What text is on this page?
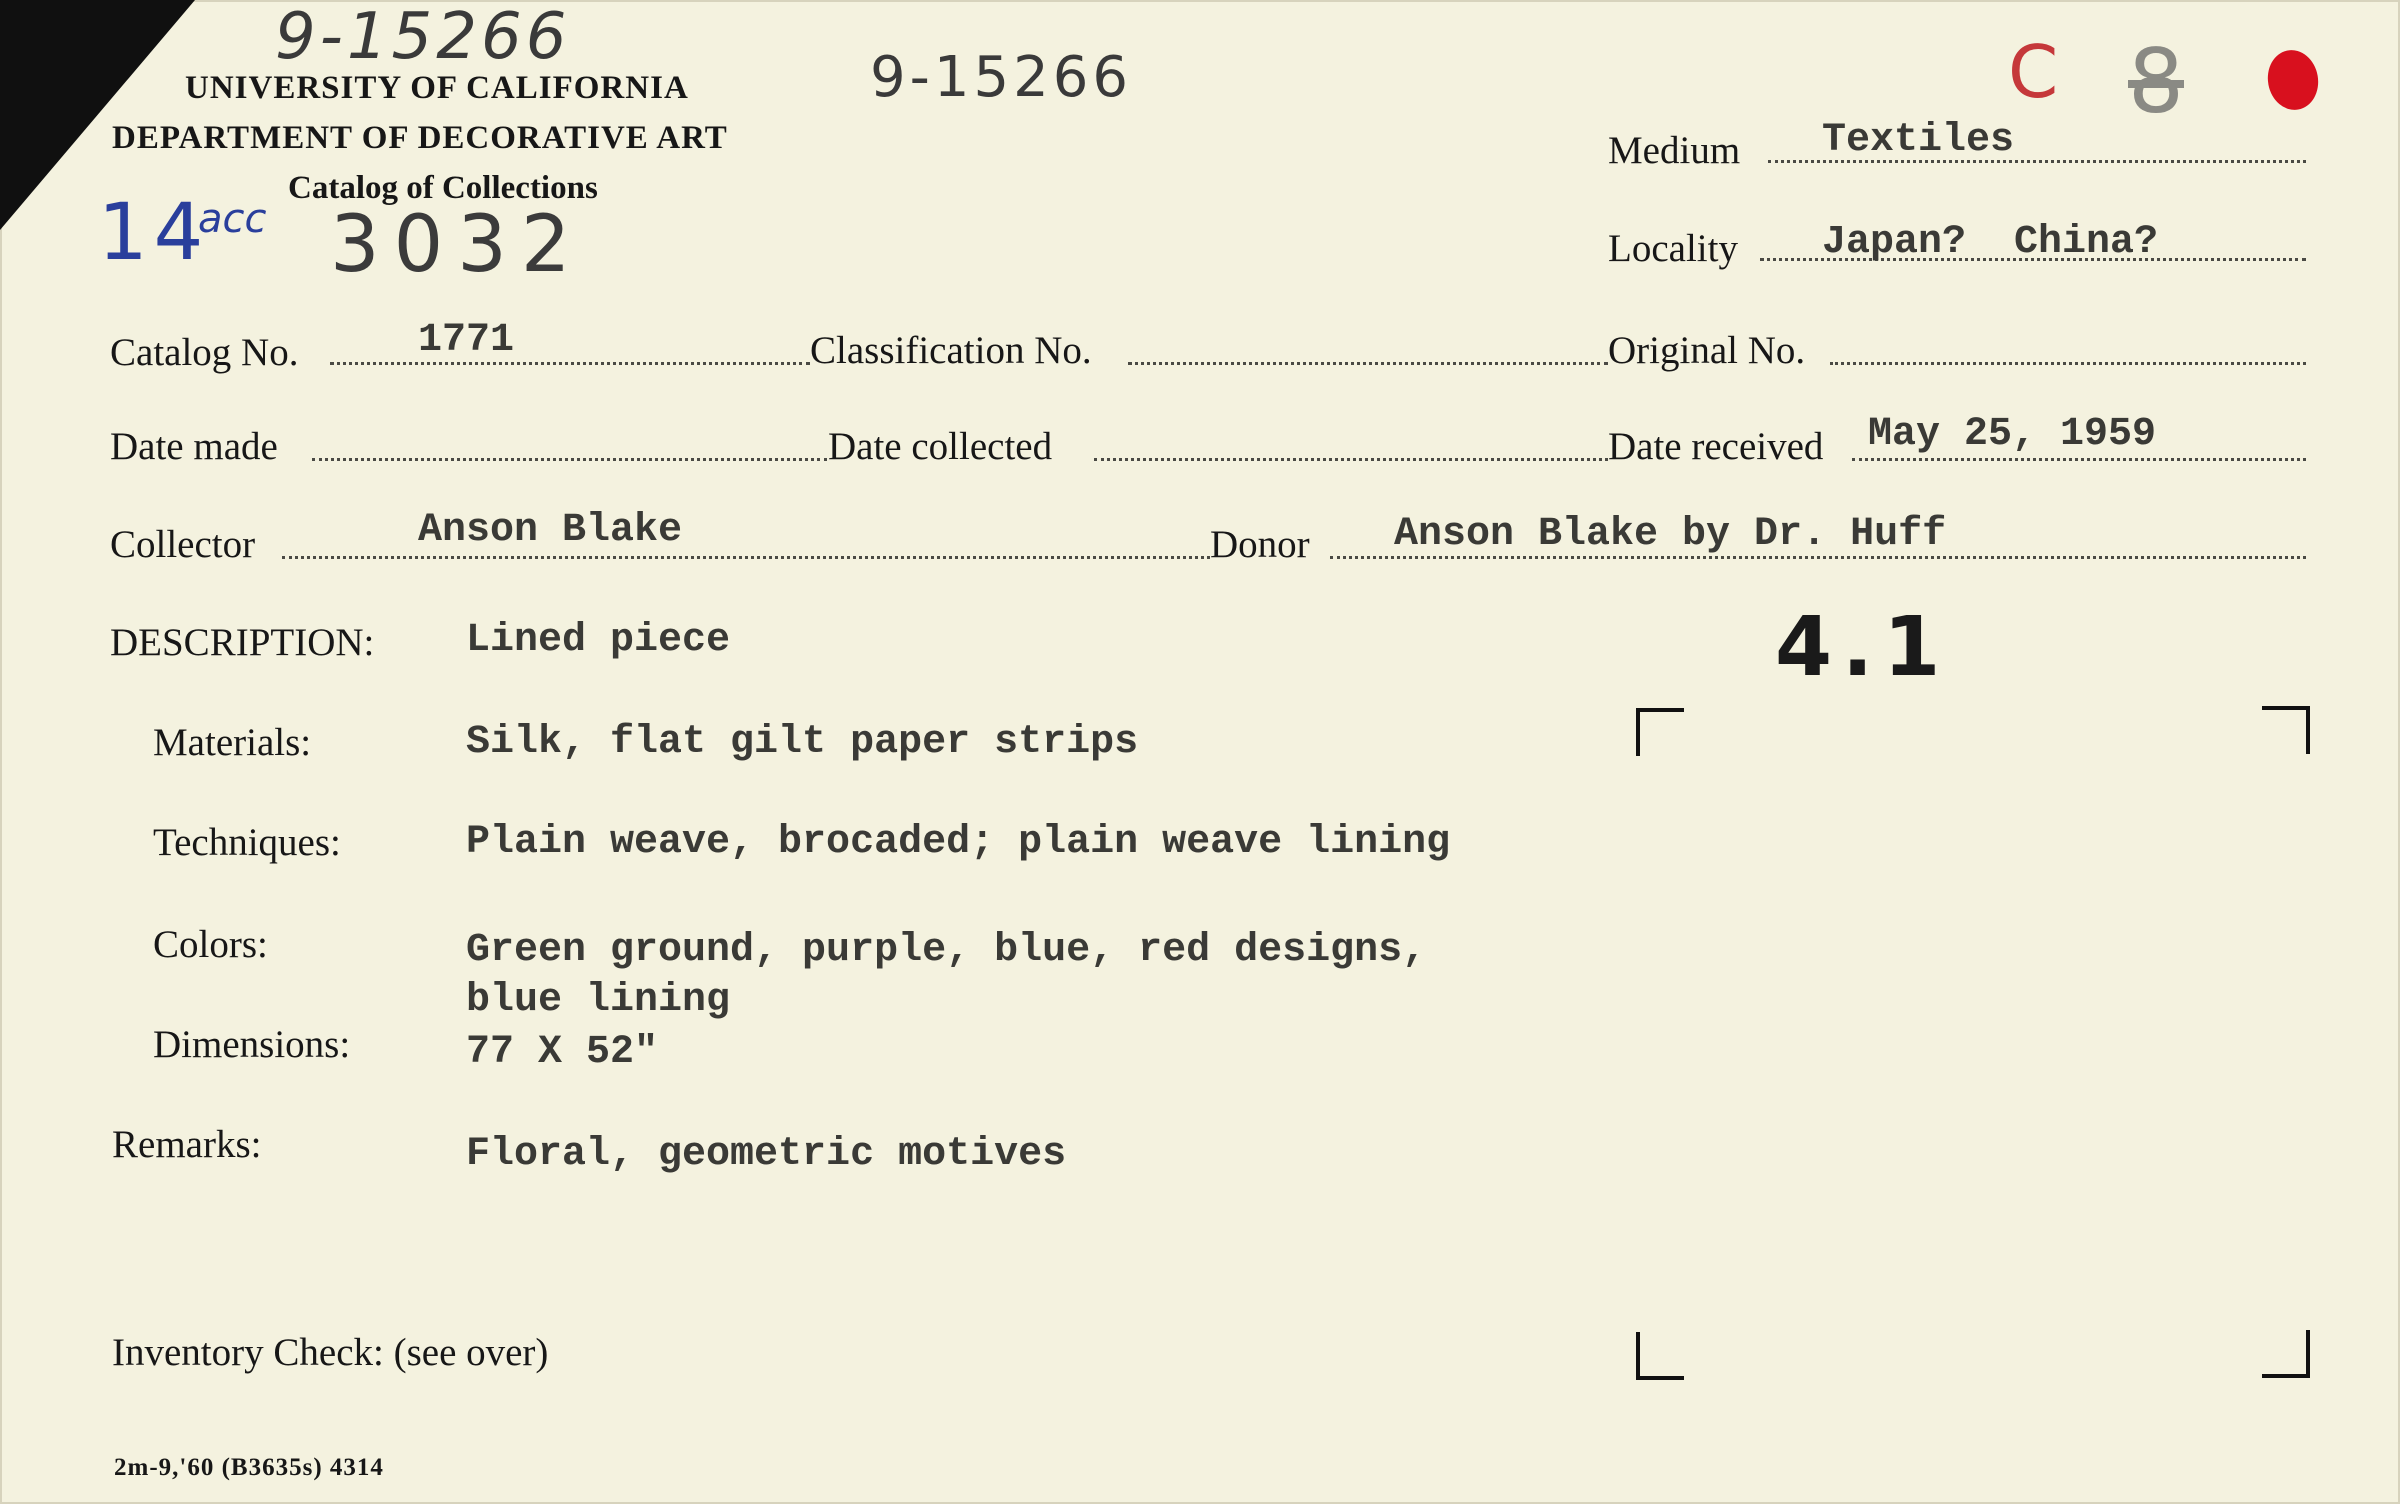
9-15266
9-15266
14
acc 3032
C 8
4.1
UNIVERSITY OF CALIFORNIA
DEPARTMENT OF DECORATIVE ART
Catalog of Collections
Medium Textiles
Locality Japan?  China?
Catalog No.	1771	Classification No.	Original No.
Date made	Date collected	Date received May 25, 1959
Collector	Anson Blake	Donor Anson Blake by Dr. Huff
DESCRIPTION: Lined piece
Materials:	Silk, flat gilt paper strips
Techniques:	Plain weave, brocaded; plain weave lining
Colors:	Green ground, purple, blue, red designs,
blue lining
Dimensions:	77 X 52"
Remarks:	Floral, geometric motives
Inventory Check: (see over)
2m-9,'60 (B3635s) 4314
